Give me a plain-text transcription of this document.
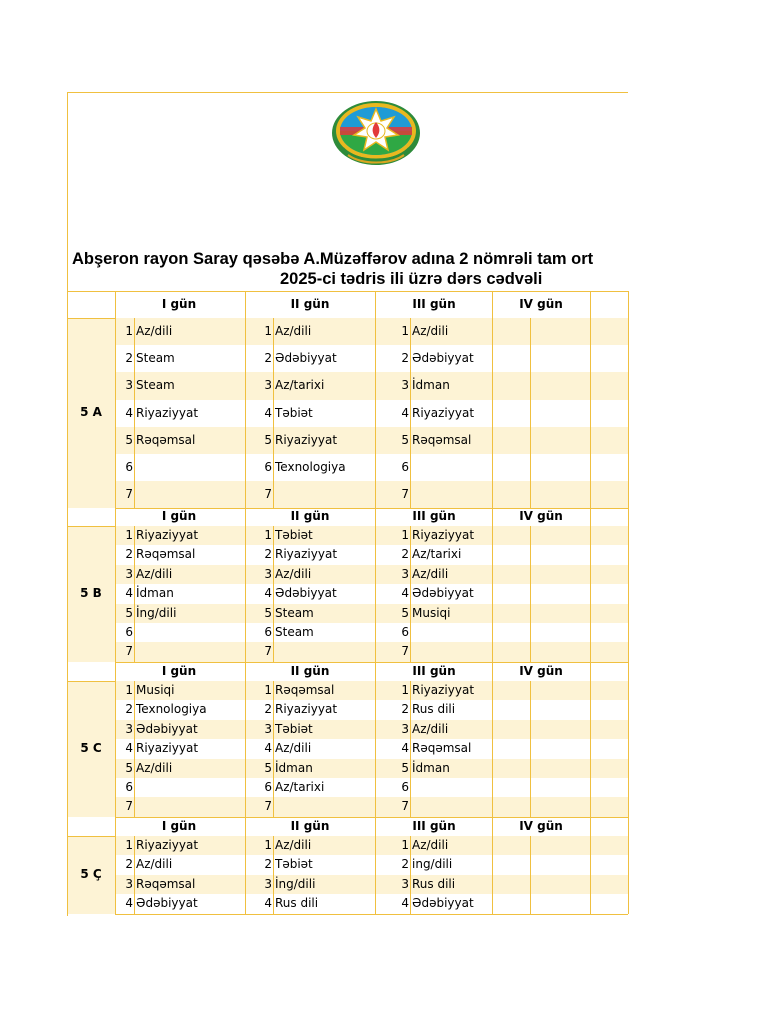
Abşeron rayon Saray qəsəbə A.Müzəffərov adına 2 nömrəli tam ort
2025-ci tədris ili üzrə dərs cədvəli
I gün	II gün	III gün	IV gün
5 A
1 Az/dili	1 Az/dili	1 Az/dili
2 Steam	2 Ədəbiyyat	2 Ədəbiyyat
3 Steam	3 Az/tarixi	3 İdman
4 Riyaziyyat	4 Təbiət	4 Riyaziyyat
5 Rəqəmsal	5 Riyaziyyat	5 Rəqəmsal
6	6 Texnologiya	6
7	7	7
I gün	II gün	III gün	IV gün
5 B
1 Riyaziyyat	1 Təbiət	1 Riyaziyyat
2 Rəqəmsal	2 Riyaziyyat	2 Az/tarixi
3 Az/dili	3 Az/dili	3 Az/dili
4 İdman	4 Ədəbiyyat	4 Ədəbiyyat
5 İng/dili	5 Steam	5 Musiqi
6	6 Steam	6
7	7	7
I gün	II gün	III gün	IV gün
5 C
1 Musiqi	1 Rəqəmsal	1 Riyaziyyat
2 Texnologiya	2 Riyaziyyat	2 Rus dili
3 Ədəbiyyat	3 Təbiət	3 Az/dili
4 Riyaziyyat	4 Az/dili	4 Rəqəmsal
5 Az/dili	5 İdman	5 İdman
6	6 Az/tarixi	6
7	7	7
I gün	II gün	III gün	IV gün
5 Ç
1 Riyaziyyat	1 Az/dili	1 Az/dili
2 Az/dili	2 Təbiət	2 ing/dili
3 Rəqəmsal	3 İng/dili	3 Rus dili
4 Ədəbiyyat	4 Rus dili	4 Ədəbiyyat
